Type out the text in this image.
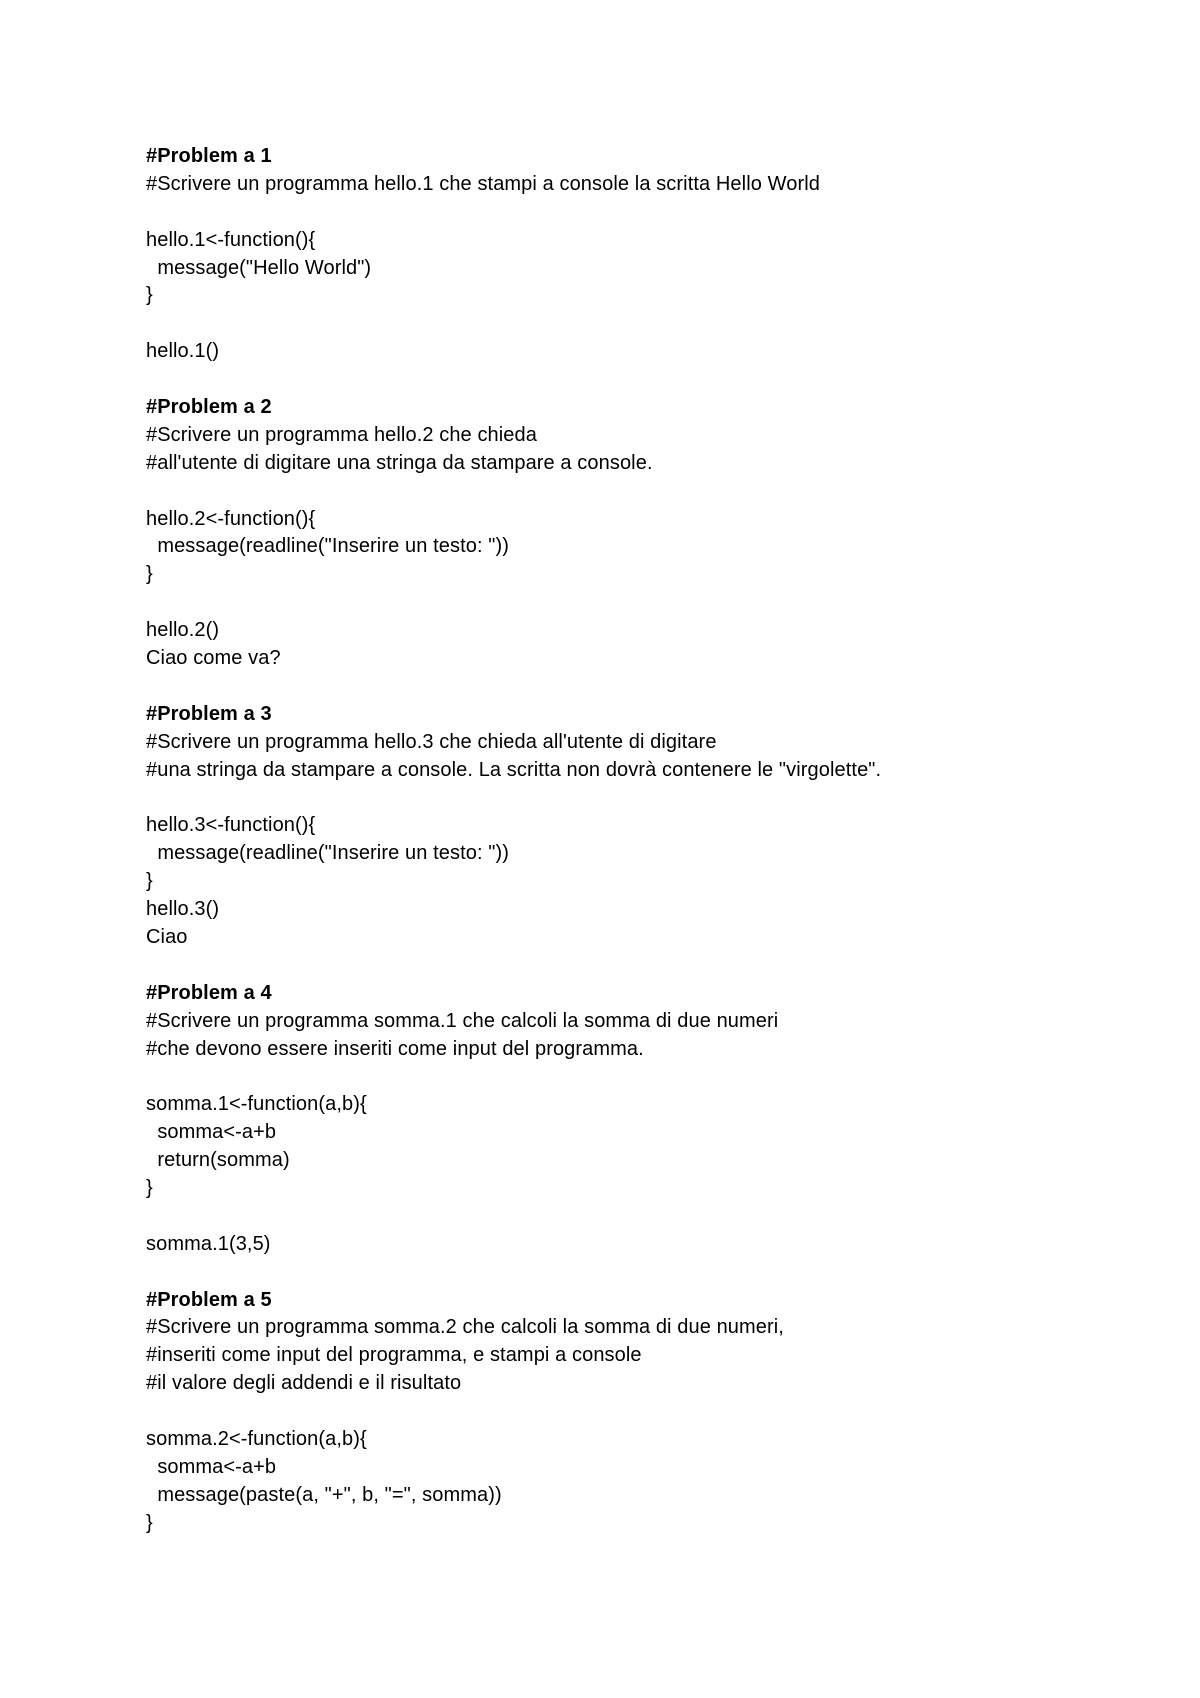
#Problem a 1
#Scrivere un programma hello.1 che stampi a console la scritta Hello World
hello.1<-function(){
message("Hello World")
}
hello.1()
#Problem a 2
#Scrivere un programma hello.2 che chieda
#all'utente di digitare una stringa da stampare a console.
hello.2<-function(){
message(readline("Inserire un testo: "))
}
hello.2()
Ciao come va?
#Problem a 3
#Scrivere un programma hello.3 che chieda all'utente di digitare
#una stringa da stampare a console. La scritta non dovrà contenere le "virgolette".
hello.3<-function(){
message(readline("Inserire un testo: "))
}
hello.3()
Ciao
#Problem a 4
#Scrivere un programma somma.1 che calcoli la somma di due numeri
#che devono essere inseriti come input del programma.
somma.1<-function(a,b){
somma<-a+b
return(somma)
}
somma.1(3,5)
#Problem a 5
#Scrivere un programma somma.2 che calcoli la somma di due numeri,
#inseriti come input del programma, e stampi a console
#il valore degli addendi e il risultato
somma.2<-function(a,b){
somma<-a+b
message(paste(a, "+", b, "=", somma))
}
